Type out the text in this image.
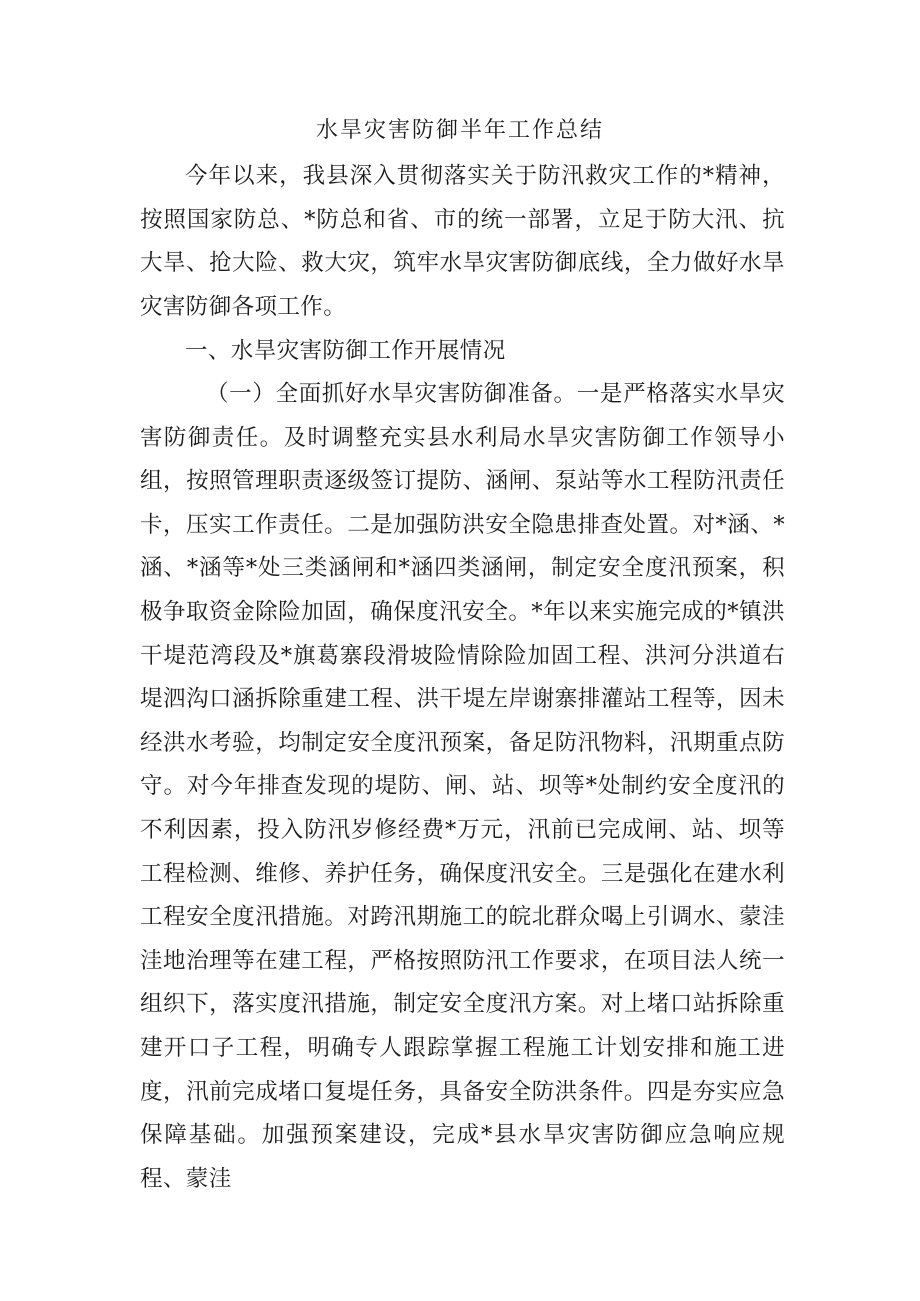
水旱灾害防御半年工作总结

今年以来，我县深入贯彻落实关于防汛救灾工作的*精神，按照国家防总、*防总和省、市的统一部署，立足于防大汛、抗大旱、抢大险、救大灾，筑牢水旱灾害防御底线，全力做好水旱灾害防御各项工作。

一、水旱灾害防御工作开展情况

（一）全面抓好水旱灾害防御准备。一是严格落实水旱灾害防御责任。及时调整充实县水利局水旱灾害防御工作领导小组，按照管理职责逐级签订提防、涵闸、泵站等水工程防汛责任卡，压实工作责任。二是加强防洪安全隐患排查处置。对*涵、*涵、*涵等*处三类涵闸和*涵四类涵闸，制定安全度汛预案，积极争取资金除险加固，确保度汛安全。*年以来实施完成的*镇洪干堤范湾段及*旗葛寨段滑坡险情除险加固工程、洪河分洪道右堤泗沟口涵拆除重建工程、洪干堤左岸谢寨排灌站工程等，因未经洪水考验，均制定安全度汛预案，备足防汛物料，汛期重点防守。对今年排查发现的堤防、闸、站、坝等*处制约安全度汛的不利因素，投入防汛岁修经费*万元，汛前已完成闸、站、坝等工程检测、维修、养护任务，确保度汛安全。三是强化在建水利工程安全度汛措施。对跨汛期施工的皖北群众喝上引调水、蒙洼洼地治理等在建工程，严格按照防汛工作要求，在项目法人统一组织下，落实度汛措施，制定安全度汛方案。对上堵口站拆除重建开口子工程，明确专人跟踪掌握工程施工计划安排和施工进度，汛前完成堵口复堤任务，具备安全防洪条件。四是夯实应急保障基础。加强预案建设，完成*县水旱灾害防御应急响应规程、蒙洼
